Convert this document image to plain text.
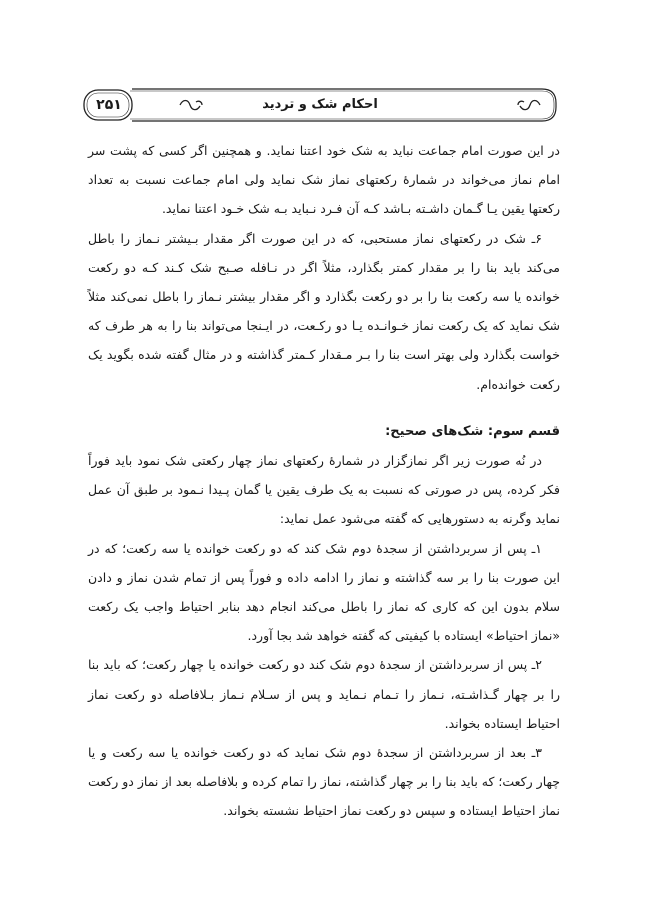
۲۵۱	احکام شک و تردید

در این صورت امام جماعت نباید به شک خود اعتنا نماید. و همچنین اگر کسی که پشت سر امام نماز می‌خواند در شمارهٔ رکعتهای نماز شک نماید ولی امام جماعت نسبت به تعداد رکعتها یقین یـا گـمان داشـته بـاشد کـه آن فـرد نـباید بـه شک خـود اعتنا نماید.

۶ـ شک در رکعتهای نماز مستحبی، که در این صورت اگر مقدار بـیشتر نـماز را باطل می‌کند باید بنا را بر مقدار کمتر بگذارد، مثلاً اگر در نـافله صـبح شک کـند کـه دو رکعت خوانده یا سه رکعت بنا را بر دو رکعت بگذارد و اگر مقدار بیشتر نـماز را باطل نمی‌کند مثلاً شک نماید که یک رکعت نماز خـوانـده یـا دو رکـعت، در ایـنجا می‌تواند بنا را به هر طرف که خواست بگذارد ولی بهتر است بنا را بـر مـقدار کـمتر گذاشته و در مثال گفته شده بگوید یک رکعت خوانده‌ام.

قسم سوم: شک‌های صحیح:

در نُه صورت زیر اگر نمازگزار در شمارهٔ رکعتهای نماز چهار رکعتی شک نمود باید فوراً فکر کرده، پس در صورتی که نسبت به یک طرف یقین یا گمان پـیدا نـمود بر طبق آن عمل نماید وگرنه به دستورهایی که گفته می‌شود عمل نماید:

۱ـ پس از سربرداشتن از سجدهٔ دوم شک کند که دو رکعت خوانده یا سه رکعت؛ که در این صورت بنا را بر سه گذاشته و نماز را ادامه داده و فوراً پس از تمام شدن نماز و دادن سلام بدون این که کاری که نماز را باطل می‌کند انجام دهد بنابر احتیاط واجب یک رکعت «نماز احتیاط» ایستاده با کیفیتی که گفته خواهد شد بجا آورد.

۲ـ پس از سربرداشتن از سجدهٔ دوم شک کند دو رکعت خوانده یا چهار رکعت؛ که باید بنا را بر چهار گـذاشـته، نـماز را تـمام نـماید و پس از سـلام نـماز بـلافاصله دو رکعت نماز احتیاط ایستاده بخواند.

۳ـ بعد از سربرداشتن از سجدهٔ دوم شک نماید که دو رکعت خوانده یا سه رکعت و یا چهار رکعت؛ که باید بنا را بر چهار گذاشته، نماز را تمام کرده و بلافاصله بعد از نماز دو رکعت نماز احتیاط ایستاده و سپس دو رکعت نماز احتیاط نشسته بخواند.
